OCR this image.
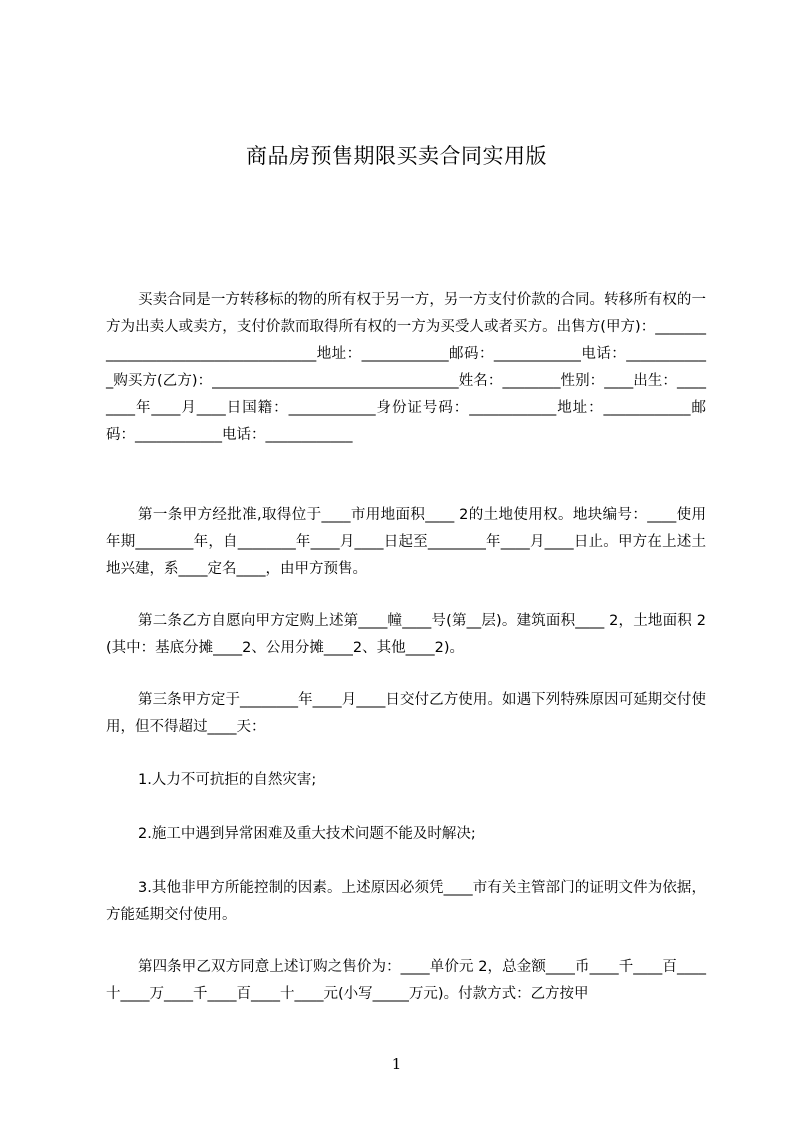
商品房预售期限买卖合同实用版

买卖合同是一方转移标的物的所有权于另一方，另一方支付价款的合同。转移所有权的一方为出卖人或卖方，支付价款而取得所有权的一方为买受人或者买方。出售方(甲方)：____________________________________地址：____________邮码：____________电话：____________购买方(乙方)：__________________________________姓名：________性别：____出生：________年____月____日国籍：____________身份证号码：____________地址：____________邮码：____________电话：____________

第一条甲方经批准,取得位于____市用地面积____ 2的土地使用权。地块编号：____使用年期________年，自________年____月____日起至________年____月____日止。甲方在上述土地兴建，系____定名____，由甲方预售。

第二条乙方自愿向甲方定购上述第____幢____号(第__层)。建筑面积____ 2，土地面积 2(其中：基底分摊____2、公用分摊____2、其他____2)。

第三条甲方定于________年____月____日交付乙方使用。如遇下列特殊原因可延期交付使用，但不得超过____天：

1.人力不可抗拒的自然灾害;

2.施工中遇到异常困难及重大技术问题不能及时解决;

3.其他非甲方所能控制的因素。上述原因必须凭____市有关主管部门的证明文件为依据，方能延期交付使用。

第四条甲乙双方同意上述订购之售价为：____单价元 2，总金额____币____千____百____十____万____千____百____十____元(小写_____万元)。付款方式：乙方按甲

1
